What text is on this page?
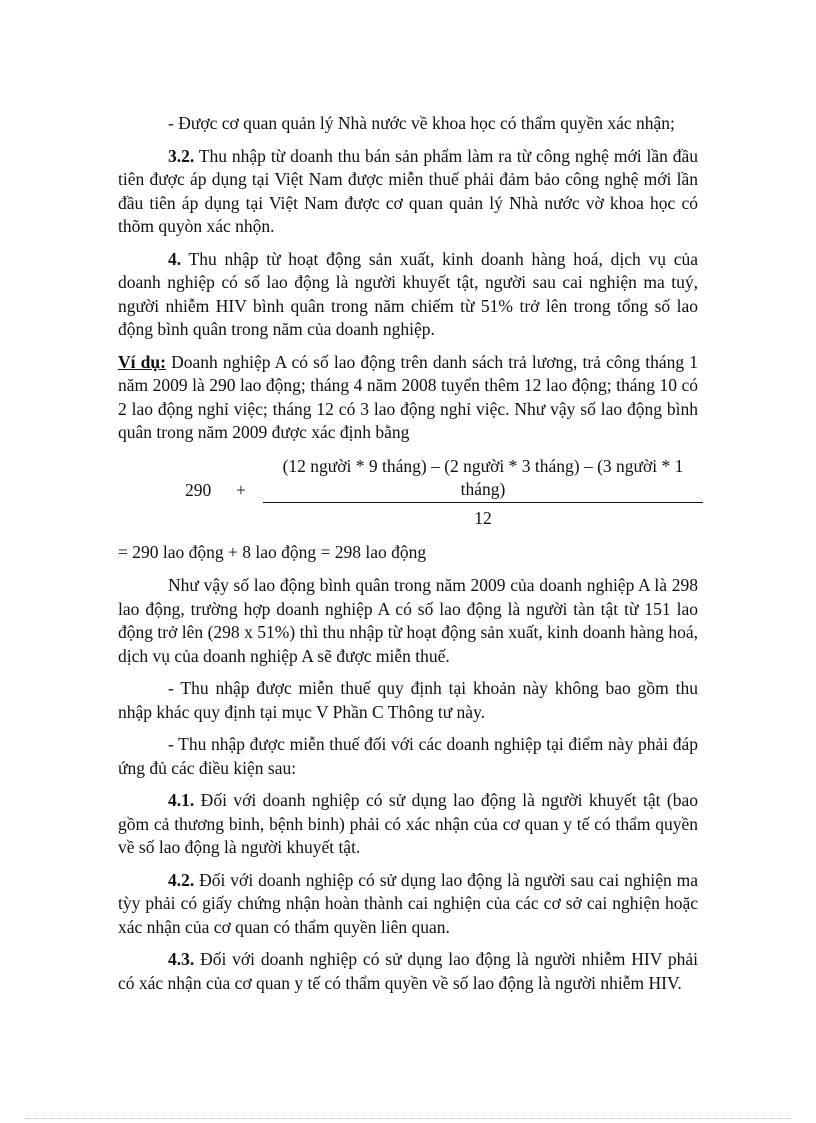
- Được cơ quan quản lý Nhà nước về khoa học có thẩm quyền xác nhận;

3.2. Thu nhập từ doanh thu bán sản phẩm làm ra từ công nghệ mới lần đầu tiên được áp dụng tại Việt Nam được miễn thuế phải đảm bảo công nghệ mới lần đầu tiên áp dụng tại Việt Nam được cơ quan quản lý Nhà nước vờ khoa học có thõm quyòn xác nhộn.

4. Thu nhập từ hoạt động sản xuất, kinh doanh hàng hoá, dịch vụ của doanh nghiệp có số lao động là người khuyết tật, người sau cai nghiện ma tuý, người nhiễm HIV bình quân trong năm chiếm từ 51% trở lên trong tổng số lao động bình quân trong năm của doanh nghiệp.

Ví dụ: Doanh nghiệp A có số lao động trên danh sách trả lương, trả công tháng 1 năm 2009 là 290 lao động; tháng 4 năm 2008 tuyển thêm 12 lao động; tháng 10 có 2 lao động nghỉ việc; tháng 12 có 3 lao động nghỉ việc. Như vậy số lao động bình quân trong năm 2009 được xác định bằng

290 +
(12 người * 9 tháng) – (2 người * 3 tháng) – (3 người * 1 tháng)
12

= 290 lao động + 8 lao động = 298 lao động

Như vậy số lao động bình quân trong năm 2009 của doanh nghiệp A là 298 lao động, trường hợp doanh nghiệp A có số lao động là người tàn tật từ 151 lao động trở lên (298 x 51%) thì thu nhập từ hoạt động sản xuất, kinh doanh hàng hoá, dịch vụ của doanh nghiệp A sẽ được miễn thuế.

- Thu nhập được miễn thuế quy định tại khoản này không bao gồm thu nhập khác quy định tại mục V Phần C Thông tư này.

- Thu nhập được miễn thuế đối với các doanh nghiệp tại điểm này phải đáp ứng đủ các điều kiện sau:

4.1. Đối với doanh nghiệp có sử dụng lao động là người khuyết tật (bao gồm cả thương binh, bệnh binh) phải có xác nhận của cơ quan y tế có thẩm quyền về số lao động là người khuyết tật.

4.2. Đối với doanh nghiệp có sử dụng lao động là người sau cai nghiện ma tỳy phải có giấy chứng nhận hoàn thành cai nghiện của các cơ sở cai nghiện hoặc xác nhận của cơ quan có thẩm quyền liên quan.

4.3. Đối với doanh nghiệp có sử dụng lao động là người nhiễm HIV phải có xác nhận của cơ quan y tế có thẩm quyền về số lao động là người nhiễm HIV.
